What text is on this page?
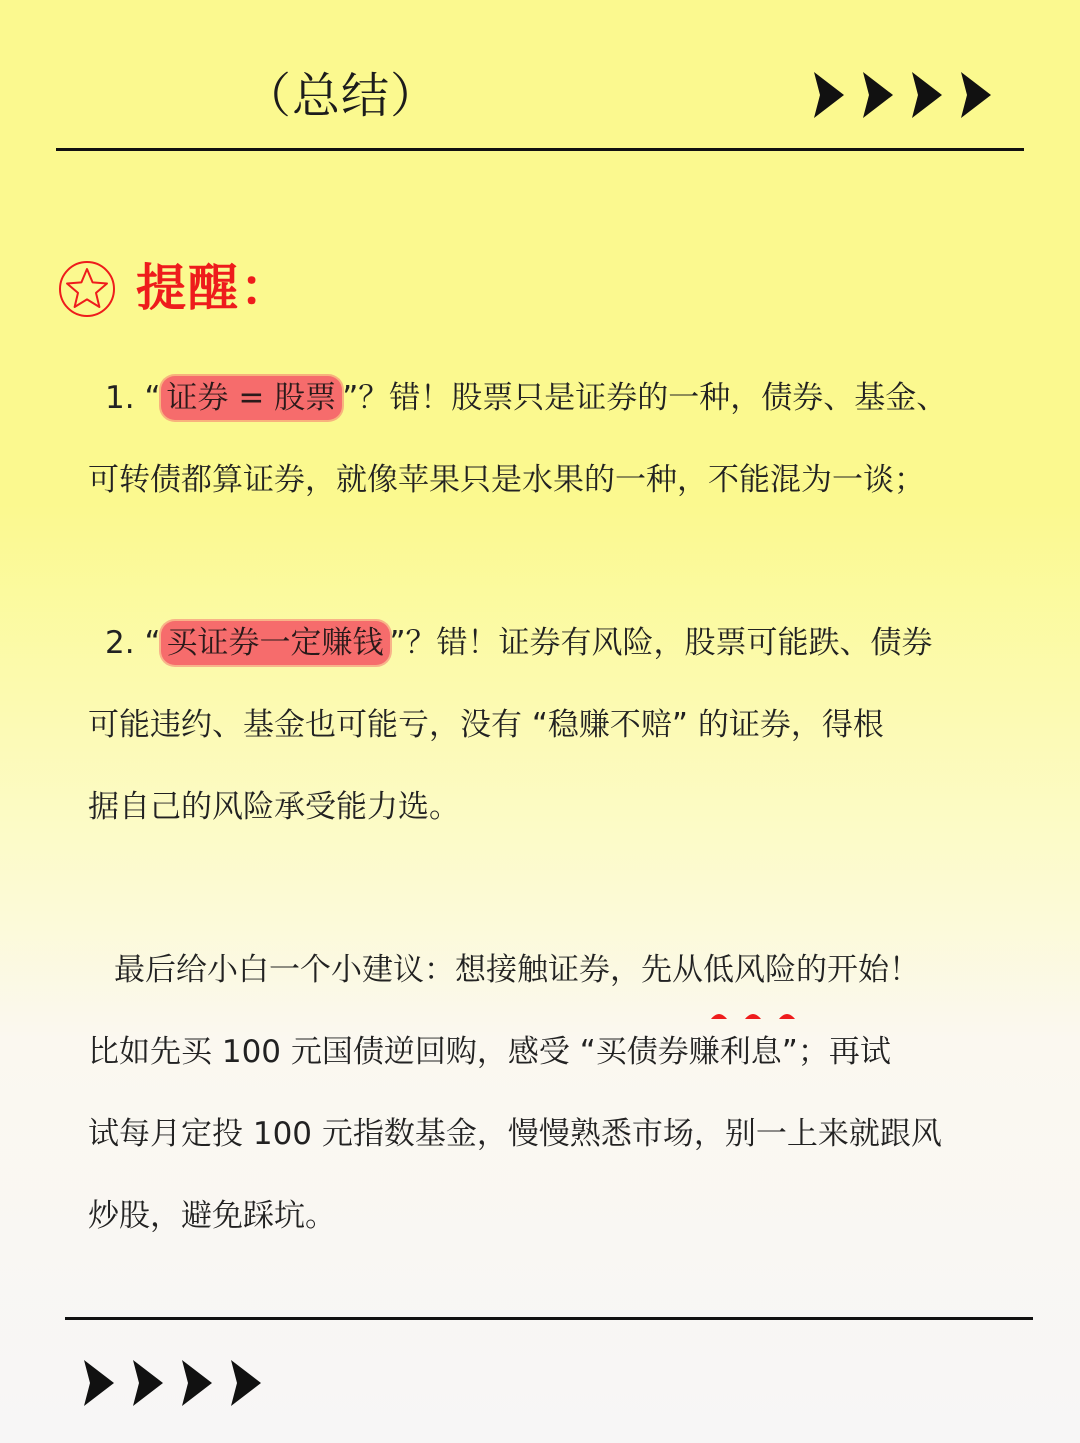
（总结）
提醒：
1. “ 证券 = 股票 ”？错！股票只是证券的一种，债券、基金、
可转债都算证券，就像苹果只是水果的一种，不能混为一谈；
2. “ 买证券一定赚钱 ”？错！证券有风险，股票可能跌、债券
可能违约、基金也可能亏，没有 “稳赚不赔” 的证券，得根
据自己的风险承受能力选。
最后给小白一个小建议：想接触证券，先从低风险
的开始！
比如先买 100 元国债逆回购，感受 “买债券赚利息”；再试
试每月定投 100 元指数基金，慢慢熟悉市场，别一上来就跟风
炒股，避免踩坑。
